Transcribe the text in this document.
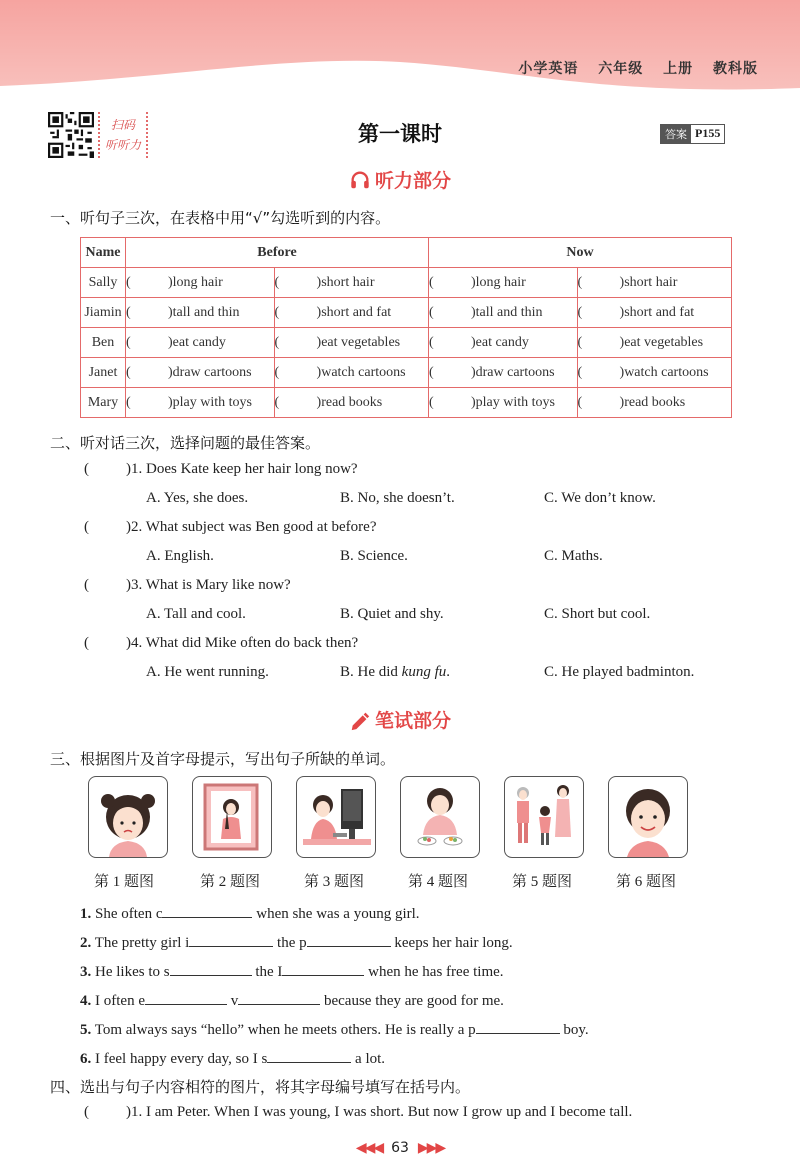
小学英语 六年级 上册 教科版
扫码
听听力	第一课时	答案 P155
听力部分
一、听句子三次，在表格中用“√”勾选听到的内容。
Name	Before		Now	
Sally	( )long hair	( )short hair	( )long hair	( )short hair
Jiamin	( )tall and thin	( )short and fat	( )tall and thin	( )short and fat
Ben	( )eat candy	( )eat vegetables	( )eat candy	( )eat vegetables
Janet	( )draw cartoons	( )watch cartoons	( )draw cartoons	( )watch cartoons
Mary	( )play with toys	( )read books	( )play with toys	( )read books
二、听对话三次，选择问题的最佳答案。
( )1. Does Kate keep her hair long now?
A. Yes, she does.	B. No, she doesn’t.	C. We don’t know.
( )2. What subject was Ben good at before?
A. English.	B. Science.	C. Maths.
( )3. What is Mary like now?
A. Tall and cool.	B. Quiet and shy.	C. Short but cool.
( )4. What did Mike often do back then?
A. He went running.	B. He did kung fu.	C. He played badminton.
笔试部分
三、根据图片及首字母提示，写出句子所缺的单词。
第 1 题图	第 2 题图	第 3 题图	第 4 题图	第 5 题图	第 6 题图
1. She often c	when she was a young girl.
2. The pretty girl i	the p	keeps her hair long.
3. He likes to s	the I	when he has free time.
4. I often e	v	because they are good for me.
5. Tom always says “hello” when he meets others. He is really a p	boy.
6. I feel happy every day, so I s	a lot.
四、选出与句子内容相符的图片，将其字母编号填写在括号内。
( )1. I am Peter. When I was young, I was short. But now I grow up and I become tall.
◀◀◀ 63 ▶▶▶
